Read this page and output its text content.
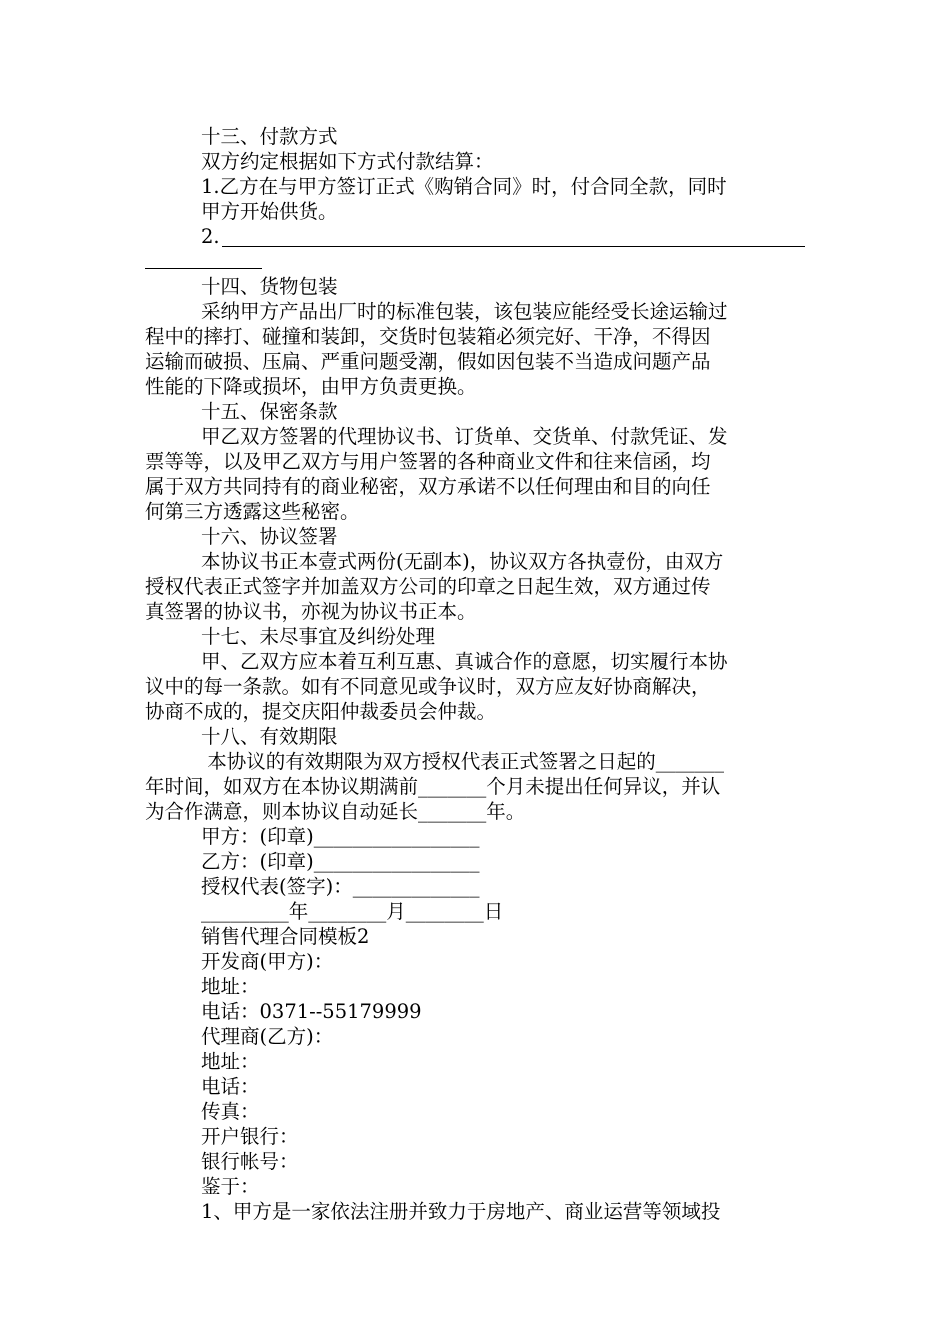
十三、付款方式
双方约定根据如下方式付款结算：
1.乙方在与甲方签订正式《购销合同》时，付合同全款，同时
甲方开始供货。
2.
十四、货物包装
采纳甲方产品出厂时的标准包装，该包装应能经受长途运输过
程中的摔打、碰撞和装卸，交货时包装箱必须完好、干净，不得因
运输而破损、压扁、严重问题受潮，假如因包装不当造成问题产品
性能的下降或损坏，由甲方负责更换。
十五、保密条款
甲乙双方签署的代理协议书、订货单、交货单、付款凭证、发
票等等，以及甲乙双方与用户签署的各种商业文件和往来信函，均
属于双方共同持有的商业秘密，双方承诺不以任何理由和目的向任
何第三方透露这些秘密。
十六、协议签署
本协议书正本壹式两份(无副本)，协议双方各执壹份，由双方
授权代表正式签字并加盖双方公司的印章之日起生效，双方通过传
真签署的协议书，亦视为协议书正本。
十七、未尽事宜及纠纷处理
甲、乙双方应本着互利互惠、真诚合作的意愿，切实履行本协
议中的每一条款。如有不同意见或争议时，双方应友好协商解决，
协商不成的，提交庆阳仲裁委员会仲裁。
十八、有效期限
本协议的有效期限为双方授权代表正式签署之日起的_______
年时间，如双方在本协议期满前_______个月未提出任何异议，并认
为合作满意，则本协议自动延长_______年。
甲方：(印章)_________________
乙方：(印章)_________________
授权代表(签字)：_____________
_________年________月________日
销售代理合同模板2
开发商(甲方)：
地址：
电话：0371--55179999
代理商(乙方)：
地址：
电话：
传真：
开户银行：
银行帐号：
鉴于：
1、甲方是一家依法注册并致力于房地产、商业运营等领域投
